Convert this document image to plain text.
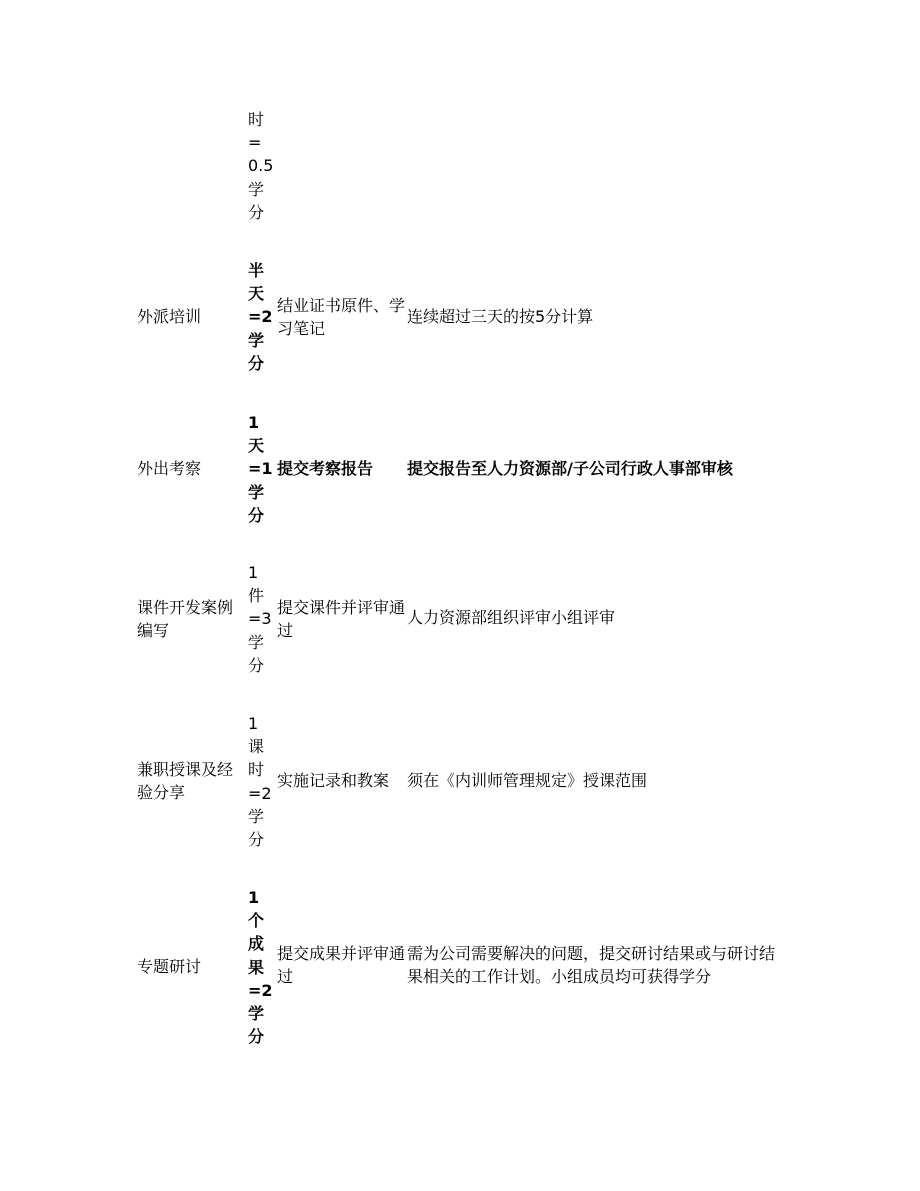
时=0.5学分
外派培训
半天=2学分
结业证书原件、学习笔记
连续超过三天的按5分计算
外出考察
1天=1学分
提交考察报告	提交报告至人力资源部/子公司行政人事部审核
课件开发案例编写
1件=3学分
提交课件并评审通过
人力资源部组织评审小组评审
兼职授课及经验分享
1课时=2学分
实施记录和教案	须在《内训师管理规定》授课范围
专题研讨
1个成果=2学分
提交成果并评审通过
需为公司需要解决的问题，提交研讨结果或与研讨结果相关的工作计划。小组成员均可获得学分
